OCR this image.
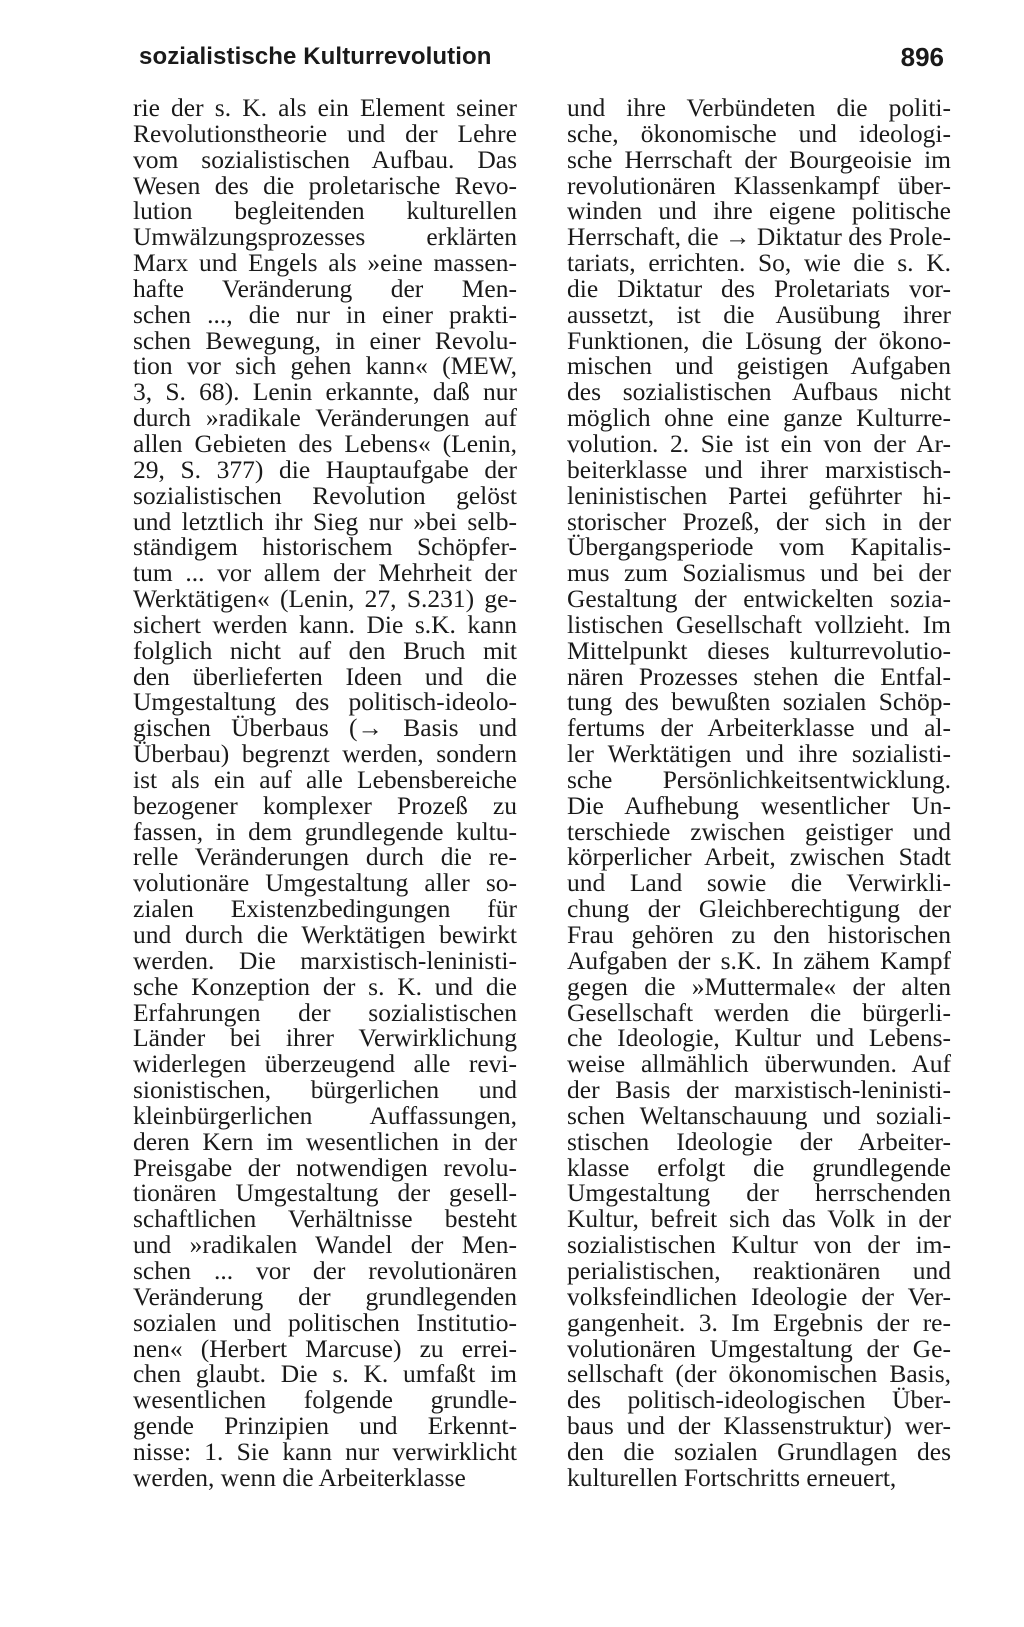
sozialistische Kulturrevolution	896
rie der s. K. als ein Element seiner
Revolutionstheorie und der Lehre
vom sozialistischen Aufbau. Das
Wesen des die proletarische Revo-
lution begleitenden kulturellen
Umwälzungsprozesses erklärten
Marx und Engels als »eine massen-
hafte Veränderung der Men-
schen ..., die nur in einer prakti-
schen Bewegung, in einer Revolu-
tion vor sich gehen kann« (MEW,
3, S. 68). Lenin erkannte, daß nur
durch »radikale Veränderungen auf
allen Gebieten des Lebens« (Lenin,
29, S. 377) die Hauptaufgabe der
sozialistischen Revolution gelöst
und letztlich ihr Sieg nur »bei selb-
ständigem historischem Schöpfer-
tum ... vor allem der Mehrheit der
Werktätigen« (Lenin, 27, S.231) ge-
sichert werden kann. Die s.K. kann
folglich nicht auf den Bruch mit
den überlieferten Ideen und die
Umgestaltung des politisch-ideolo-
gischen Überbaus (→ Basis und
Überbau) begrenzt werden, sondern
ist als ein auf alle Lebensbereiche
bezogener komplexer Prozeß zu
fassen, in dem grundlegende kultu-
relle Veränderungen durch die re-
volutionäre Umgestaltung aller so-
zialen Existenzbedingungen für
und durch die Werktätigen bewirkt
werden. Die marxistisch-leninisti-
sche Konzeption der s. K. und die
Erfahrungen der sozialistischen
Länder bei ihrer Verwirklichung
widerlegen überzeugend alle revi-
sionistischen, bürgerlichen und
kleinbürgerlichen Auffassungen,
deren Kern im wesentlichen in der
Preisgabe der notwendigen revolu-
tionären Umgestaltung der gesell-
schaftlichen Verhältnisse besteht
und »radikalen Wandel der Men-
schen ... vor der revolutionären
Veränderung der grundlegenden
sozialen und politischen Institutio-
nen« (Herbert Marcuse) zu errei-
chen glaubt. Die s. K. umfaßt im
wesentlichen folgende grundle-
gende Prinzipien und Erkennt-
nisse: 1. Sie kann nur verwirklicht
werden, wenn die Arbeiterklasse
und ihre Verbündeten die politi-
sche, ökonomische und ideologi-
sche Herrschaft der Bourgeoisie im
revolutionären Klassenkampf über-
winden und ihre eigene politische
Herrschaft, die → Diktatur des Prole-
tariats, errichten. So, wie die s. K.
die Diktatur des Proletariats vor-
aussetzt, ist die Ausübung ihrer
Funktionen, die Lösung der ökono-
mischen und geistigen Aufgaben
des sozialistischen Aufbaus nicht
möglich ohne eine ganze Kulturre-
volution. 2. Sie ist ein von der Ar-
beiterklasse und ihrer marxistisch-
leninistischen Partei geführter hi-
storischer Prozeß, der sich in der
Übergangsperiode vom Kapitalis-
mus zum Sozialismus und bei der
Gestaltung der entwickelten sozia-
listischen Gesellschaft vollzieht. Im
Mittelpunkt dieses kulturrevolutio-
nären Prozesses stehen die Entfal-
tung des bewußten sozialen Schöp-
fertums der Arbeiterklasse und al-
ler Werktätigen und ihre sozialisti-
sche Persönlichkeitsentwicklung.
Die Aufhebung wesentlicher Un-
terschiede zwischen geistiger und
körperlicher Arbeit, zwischen Stadt
und Land sowie die Verwirkli-
chung der Gleichberechtigung der
Frau gehören zu den historischen
Aufgaben der s.K. In zähem Kampf
gegen die »Muttermale« der alten
Gesellschaft werden die bürgerli-
che Ideologie, Kultur und Lebens-
weise allmählich überwunden. Auf
der Basis der marxistisch-leninisti-
schen Weltanschauung und soziali-
stischen Ideologie der Arbeiter-
klasse erfolgt die grundlegende
Umgestaltung der herrschenden
Kultur, befreit sich das Volk in der
sozialistischen Kultur von der im-
perialistischen, reaktionären und
volksfeindlichen Ideologie der Ver-
gangenheit. 3. Im Ergebnis der re-
volutionären Umgestaltung der Ge-
sellschaft (der ökonomischen Basis,
des politisch-ideologischen Über-
baus und der Klassenstruktur) wer-
den die sozialen Grundlagen des
kulturellen Fortschritts erneuert,
